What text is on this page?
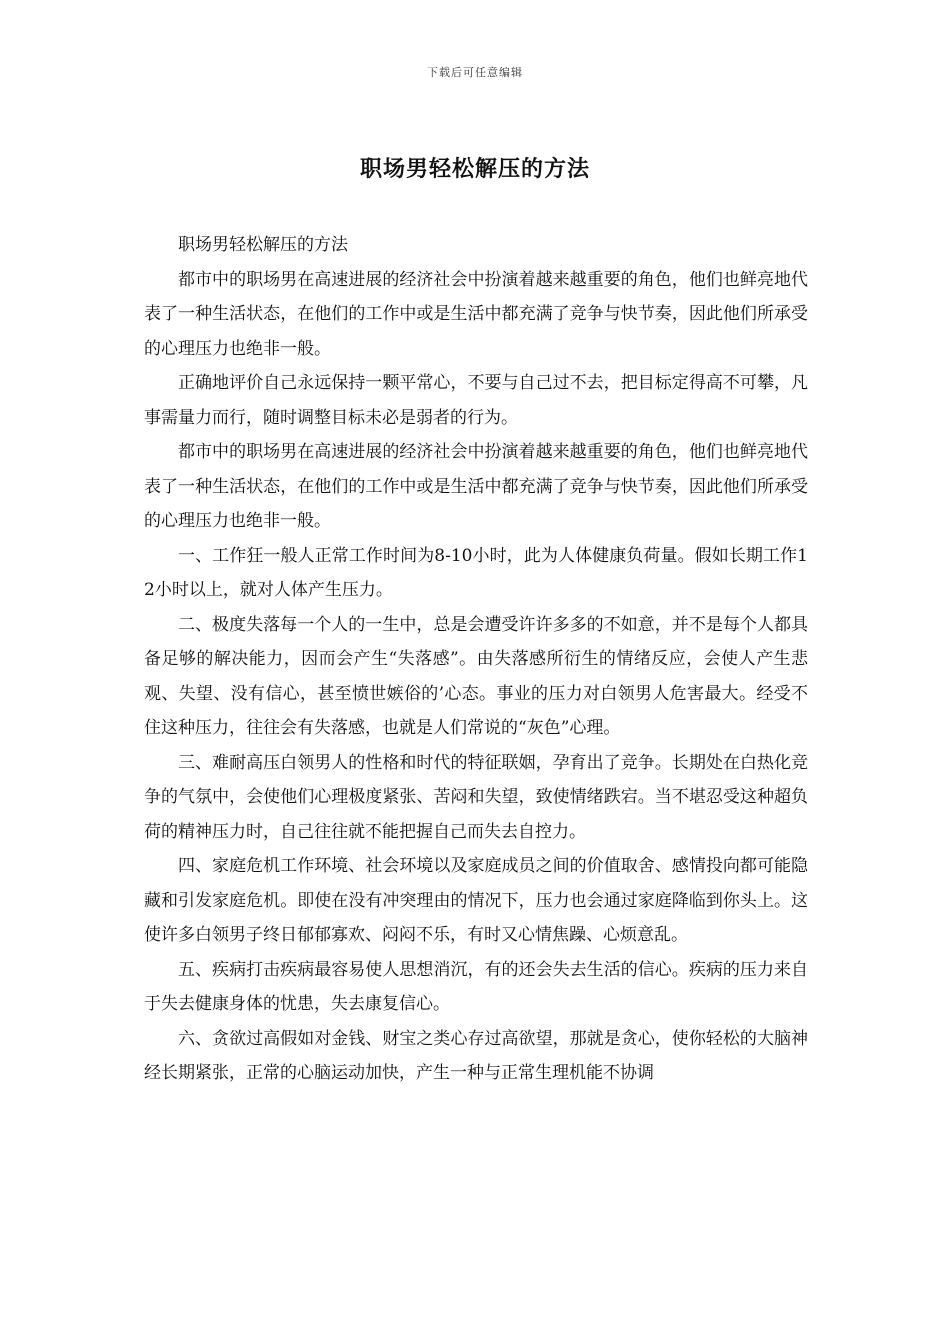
下载后可任意编辑
职场男轻松解压的方法

职场男轻松解压的方法

都市中的职场男在高速进展的经济社会中扮演着越来越重要的角色，他们也鲜亮地代表了一种生活状态，在他们的工作中或是生活中都充满了竞争与快节奏，因此他们所承受的心理压力也绝非一般。

正确地评价自己永远保持一颗平常心，不要与自己过不去，把目标定得高不可攀，凡事需量力而行，随时调整目标未必是弱者的行为。

都市中的职场男在高速进展的经济社会中扮演着越来越重要的角色，他们也鲜亮地代表了一种生活状态，在他们的工作中或是生活中都充满了竞争与快节奏，因此他们所承受的心理压力也绝非一般。

一、工作狂一般人正常工作时间为8-10小时，此为人体健康负荷量。假如长期工作12小时以上，就对人体产生压力。

二、极度失落每一个人的一生中，总是会遭受许许多多的不如意，并不是每个人都具备足够的解决能力，因而会产生“失落感”。由失落感所衍生的情绪反应，会使人产生悲观、失望、没有信心，甚至愤世嫉俗的’心态。事业的压力对白领男人危害最大。经受不住这种压力，往往会有失落感，也就是人们常说的“灰色”心理。

三、难耐高压白领男人的性格和时代的特征联姻，孕育出了竞争。长期处在白热化竞争的气氛中，会使他们心理极度紧张、苦闷和失望，致使情绪跌宕。当不堪忍受这种超负荷的精神压力时，自己往往就不能把握自己而失去自控力。

四、家庭危机工作环境、社会环境以及家庭成员之间的价值取舍、感情投向都可能隐藏和引发家庭危机。即使在没有冲突理由的情况下，压力也会通过家庭降临到你头上。这使许多白领男子终日郁郁寡欢、闷闷不乐，有时又心情焦躁、心烦意乱。

五、疾病打击疾病最容易使人思想消沉，有的还会失去生活的信心。疾病的压力来自于失去健康身体的忧患，失去康复信心。

六、贪欲过高假如对金钱、财宝之类心存过高欲望，那就是贪心，使你轻松的大脑神经长期紧张，正常的心脑运动加快，产生一种与正常生理机能不协调
